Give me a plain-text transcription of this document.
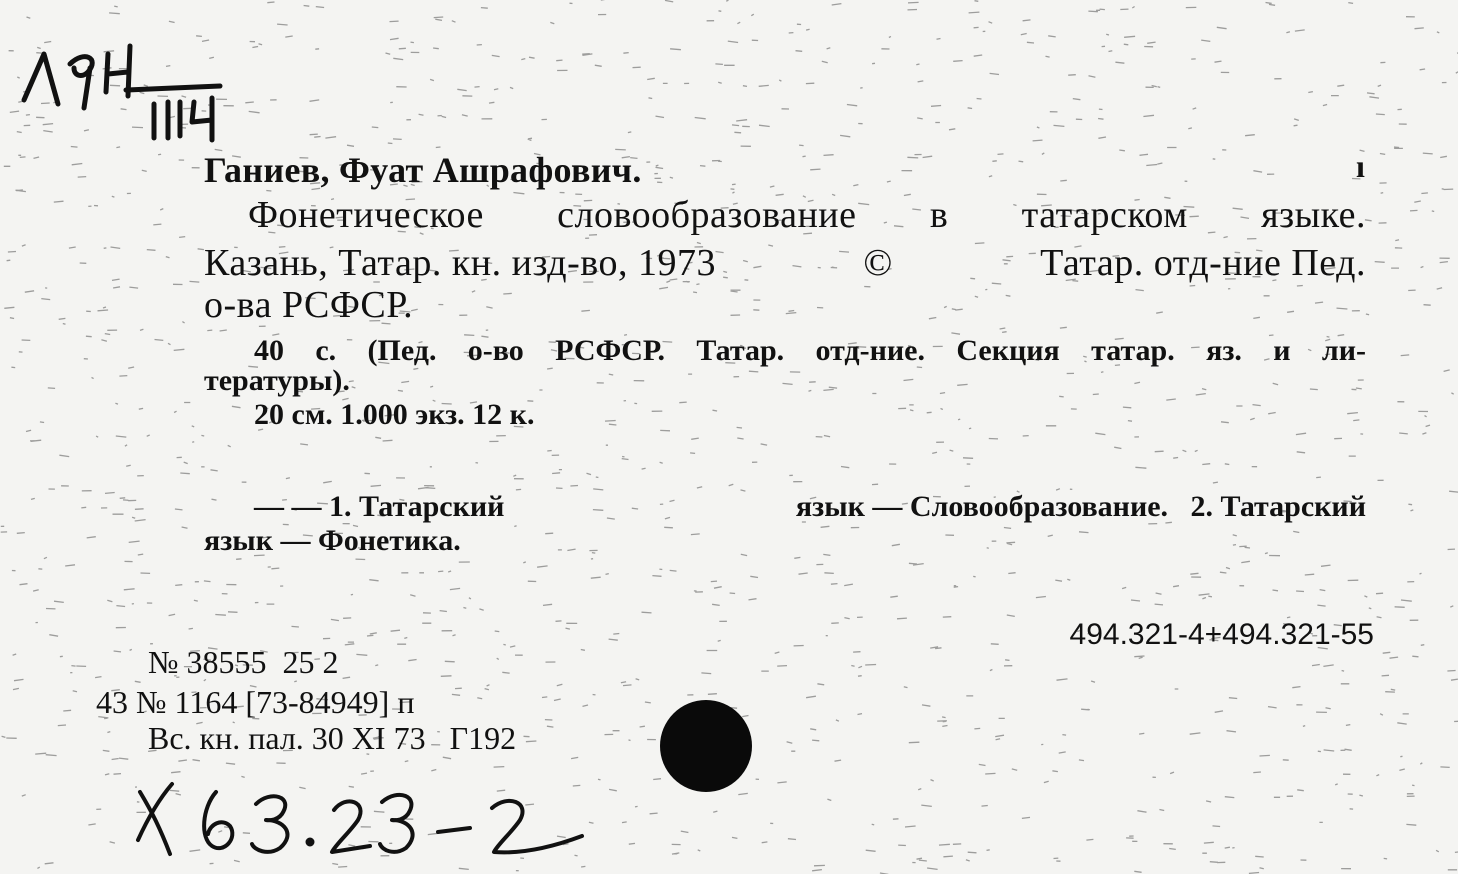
Ганиев, Фуат Ашрафович.	ı
Фонетическое словообразование в татарском языке.
Казань, Татар. кн. изд-во, 1973	©	Татар. отд-ние Пед.
о-ва РСФСР.
40 с. (Пед. о-во РСФСР. Татар. отд-ние. Секция татар. яз. и ли-
тературы).
20 см. 1.000 экз. 12 к.
— — 1. Татарский	язык — Словообразование.   2. Татарский
язык — Фонетика.
494.321-4+494.321-55
№ 38555  25 2
43 № 1164 [73-84949] п
Вс. кн. пал. 30 XI 73   Г192
